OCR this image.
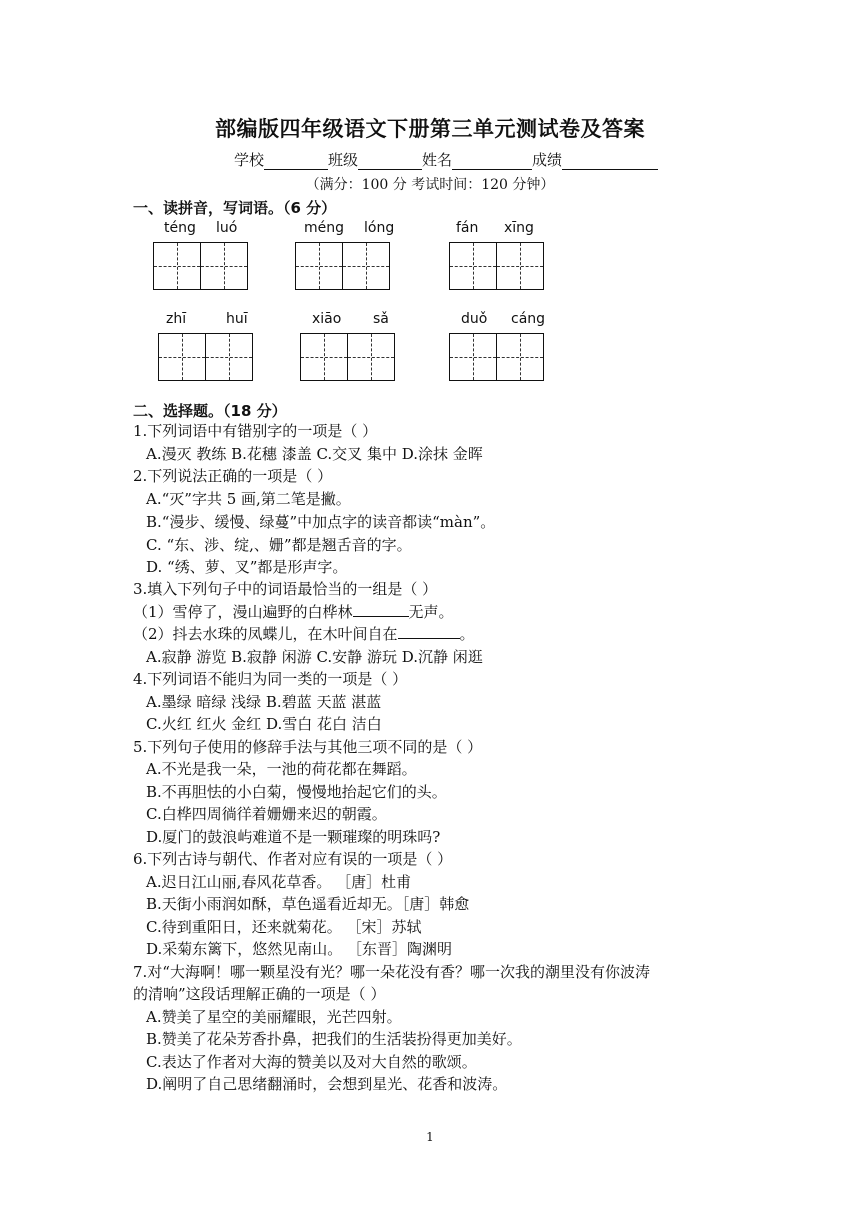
部编版四年级语文下册第三单元测试卷及答案
学校	班级	姓名	成绩
（满分：100 分 考试时间：120 分钟）
一、读拼音，写词语。（6 分）
téng luó	méng lóng	fán xīng
zhī	huī	xiāo sǎ	duǒ cáng
二、选择题。（18 分）
1.下列词语中有错别字的一项是（ ）
A.漫灭 教练 B.花穗 漆盖 C.交叉 集中 D.涂抹 金晖
2.下列说法正确的一项是（ ）
A.“灭”字共 5 画,第二笔是撇。
B.“漫步、缓慢、绿蔓”中加点字的读音都读“màn”。
C. “东、涉、绽,、姗”都是翘舌音的字。
D. “绣、萝、叉”都是形声字。
3.填入下列句子中的词语最恰当的一组是（ ）
（1）雪停了，漫山遍野的白桦林	无声。
（2）抖去水珠的凤蝶儿，在木叶间自在	。
A.寂静 游览 B.寂静 闲游 C.安静 游玩 D.沉静 闲逛
4.下列词语不能归为同一类的一项是（ ）
A.墨绿 暗绿 浅绿 B.碧蓝 天蓝 湛蓝
C.火红 红火 金红 D.雪白 花白 洁白
5.下列句子使用的修辞手法与其他三项不同的是（ ）
A.不光是我一朵，一池的荷花都在舞蹈。
B.不再胆怯的小白菊，慢慢地抬起它们的头。
C.白桦四周徜徉着姗姗来迟的朝霞。
D.厦门的鼓浪屿难道不是一颗璀璨的明珠吗?
6.下列古诗与朝代、作者对应有误的一项是（ ）
A.迟日江山丽,春风花草香。 ［唐］杜甫
B.天街小雨润如酥，草色遥看近却无。［唐］韩愈
C.待到重阳日，还来就菊花。 ［宋］苏轼
D.采菊东篱下，悠然见南山。 ［东晋］陶渊明
7.对“大海啊！哪一颗星没有光？哪一朵花没有香？哪一次我的潮里没有你波涛
的清响”这段话理解正确的一项是（ ）
A.赞美了星空的美丽耀眼，光芒四射。
B.赞美了花朵芳香扑鼻，把我们的生活装扮得更加美好。
C.表达了作者对大海的赞美以及对大自然的歌颂。
D.阐明了自己思绪翻涌时，会想到星光、花香和波涛。
1
